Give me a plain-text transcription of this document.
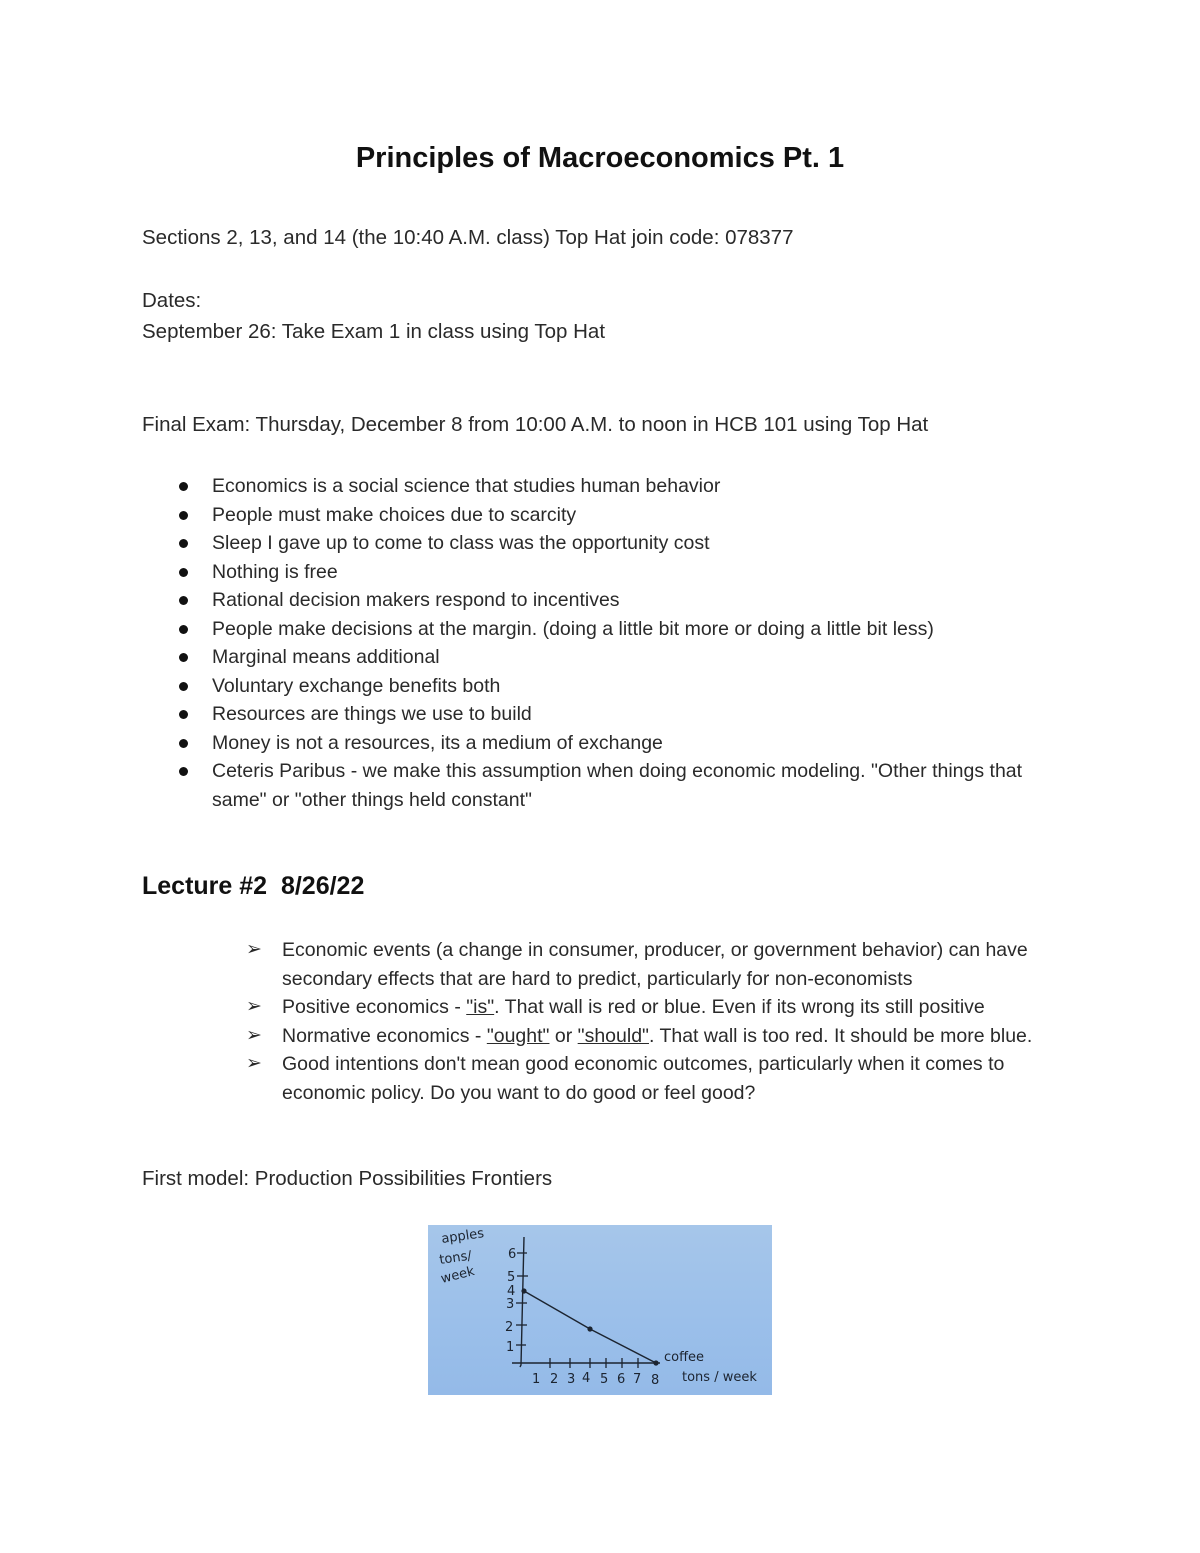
Principles of Macroeconomics Pt. 1
Sections 2, 13, and 14 (the 10:40 A.M. class) Top Hat join code: 078377
Dates:
September 26: Take Exam 1 in class using Top Hat
Final Exam: Thursday, December 8 from 10:00 A.M. to noon in HCB 101 using Top Hat
Economics is a social science that studies human behavior
People must make choices due to scarcity
Sleep I gave up to come to class was the opportunity cost
Nothing is free
Rational decision makers respond to incentives
People make decisions at the margin. (doing a little bit more or doing a little bit less)
Marginal means additional
Voluntary exchange benefits both
Resources are things we use to build
Money is not a resources, its a medium of exchange
Ceteris Paribus - we make this assumption when doing economic modeling. "Other things that same" or "other things held constant"
Lecture #2  8/26/22
➢ Economic events (a change in consumer, producer, or government behavior) can have secondary effects that are hard to predict, particularly for non-economists
➢ Positive economics - "is". That wall is red or blue. Even if its wrong its still positive
➢ Normative economics - "ought" or "should". That wall is too red. It should be more blue.
➢ Good intentions don't mean good economic outcomes, particularly when it comes to economic policy. Do you want to do good or feel good?
First model: Production Possibilities Frontiers
apples
tons/
week
6
5
4
3
2
1
1 2 3 4 5 6 7 8
coffee
tons / week
